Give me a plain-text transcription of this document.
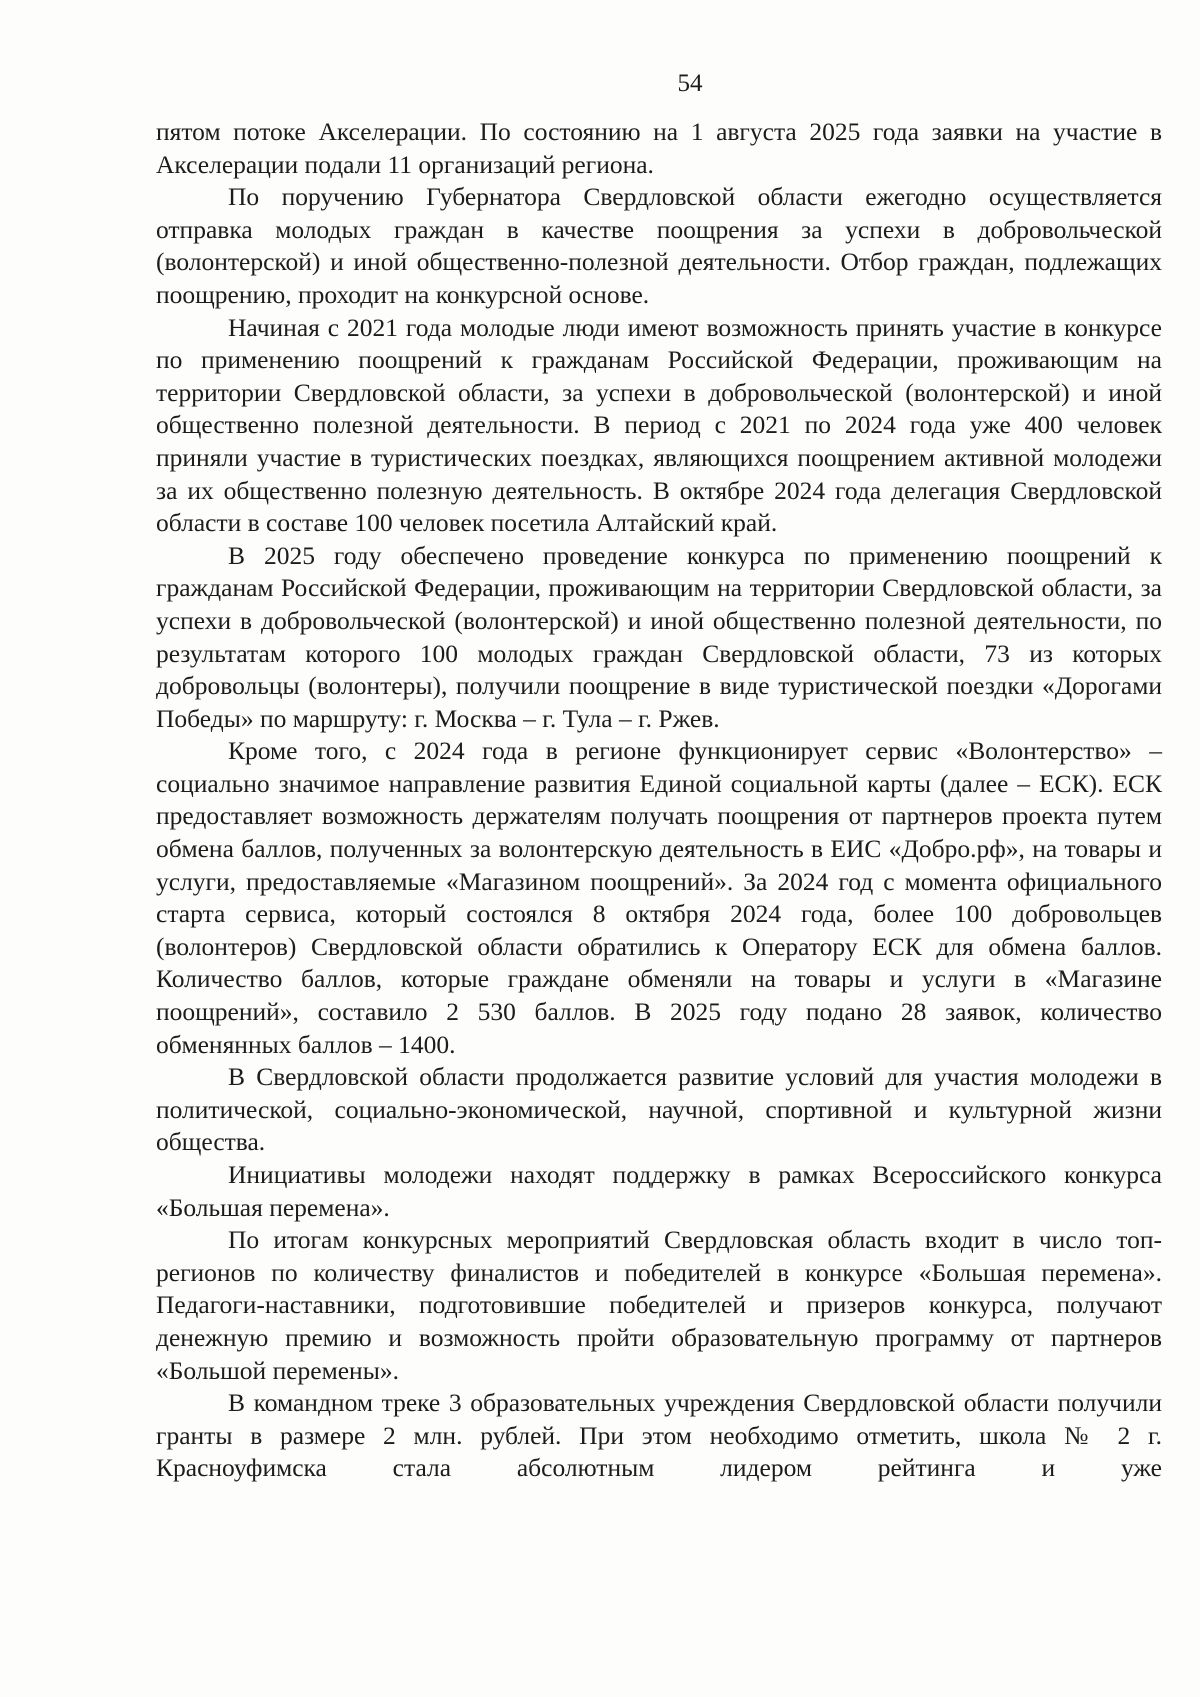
54

пятом потоке Акселерации. По состоянию на 1 августа 2025 года заявки на участие в Акселерации подали 11 организаций региона.

По поручению Губернатора Свердловской области ежегодно осуществляется отправка молодых граждан в качестве поощрения за успехи в добровольческой (волонтерской) и иной общественно-полезной деятельности. Отбор граждан, подлежащих поощрению, проходит на конкурсной основе.

Начиная с 2021 года молодые люди имеют возможность принять участие в конкурсе по применению поощрений к гражданам Российской Федерации, проживающим на территории Свердловской области, за успехи в добровольческой (волонтерской) и иной общественно полезной деятельности. В период с 2021 по 2024 года уже 400 человек приняли участие в туристических поездках, являющихся поощрением активной молодежи за их общественно полезную деятельность. В октябре 2024 года делегация Свердловской области в составе 100 человек посетила Алтайский край.

В 2025 году обеспечено проведение конкурса по применению поощрений к гражданам Российской Федерации, проживающим на территории Свердловской области, за успехи в добровольческой (волонтерской) и иной общественно полезной деятельности, по результатам которого 100 молодых граждан Свердловской области, 73 из которых добровольцы (волонтеры), получили поощрение в виде туристической поездки «Дорогами Победы» по маршруту: г. Москва – г. Тула – г. Ржев.

Кроме того, с 2024 года в регионе функционирует сервис «Волонтерство» – социально значимое направление развития Единой социальной карты (далее – ЕСК). ЕСК предоставляет возможность держателям получать поощрения от партнеров проекта путем обмена баллов, полученных за волонтерскую деятельность в ЕИС «Добро.рф», на товары и услуги, предоставляемые «Магазином поощрений». За 2024 год с момента официального старта сервиса, который состоялся 8 октября 2024 года, более 100 добровольцев (волонтеров) Свердловской области обратились к Оператору ЕСК для обмена баллов. Количество баллов, которые граждане обменяли на товары и услуги в «Магазине поощрений», составило 2 530 баллов. В 2025 году подано 28 заявок, количество обменянных баллов – 1400.

В Свердловской области продолжается развитие условий для участия молодежи в политической, социально-экономической, научной, спортивной и культурной жизни общества.

Инициативы молодежи находят поддержку в рамках Всероссийского конкурса «Большая перемена».

По итогам конкурсных мероприятий Свердловская область входит в число топ-регионов по количеству финалистов и победителей в конкурсе «Большая перемена». Педагоги-наставники, подготовившие победителей и призеров конкурса, получают денежную премию и возможность пройти образовательную программу от партнеров «Большой перемены».

В командном треке 3 образовательных учреждения Свердловской области получили гранты в размере 2 млн. рублей. При этом необходимо отметить, школа № 2 г. Красноуфимска стала абсолютным лидером рейтинга и уже
